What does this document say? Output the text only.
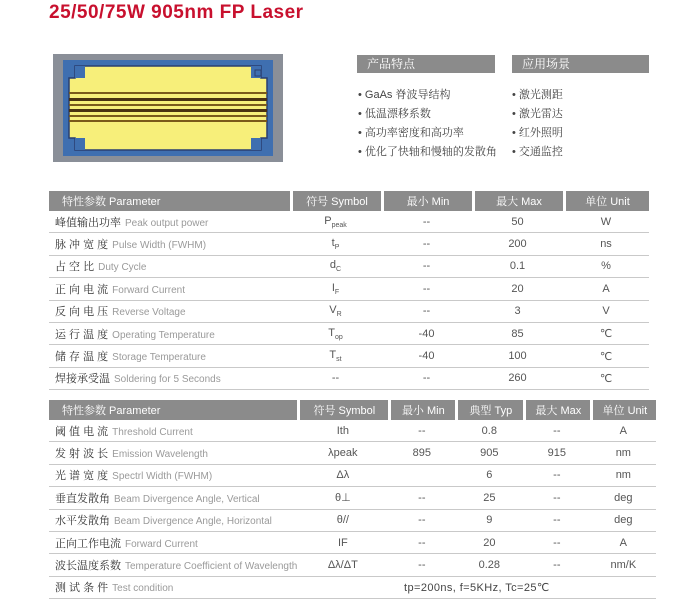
25/50/75W 905nm FP Laser
产品特点	应用场景
• GaAs 脊波导结构
• 低温漂移系数
• 高功率密度和高功率
• 优化了快轴和慢轴的发散角
• 激光测距
• 激光雷达
• 红外照明
• 交通监控
特性参数 Parameter	符号 Symbol	最小 Min	最大 Max	单位 Unit
峰值输出功率 Peak output power	$P_{peak}$	--	50	W
脉 冲 宽 度 Pulse Width (FWHM)	$t_P$	--	200	ns
占 空 比 Duty Cycle	$d_C$	--	0.1	%
正 向 电 流 Forward Current	$I_F$	--	20	A
反 向 电 压 Reverse Voltage	$V_R$	--	3	V
运 行 温 度 Operating Temperature	$T_{op}$	-40	85	℃
储 存 温 度 Storage Temperature	$T_{st}$	-40	100	℃
焊接承受温 Soldering for 5 Seconds	--	--	260	℃
特性参数 Parameter	符号 Symbol	最小 Min	典型 Typ	最大 Max	单位 Unit
阈 值 电 流 Threshold Current	Ith	--	0.8	--	A
发 射 波 长 Emission Wavelength	λpeak	895	905	915	nm
光 谱 宽 度 Spectrl Width (FWHM)	Δλ		6	--	nm
垂直发散角 Beam Divergence Angle, Vertical	θ⊥	--	25	--	deg
水平发散角 Beam Divergence Angle, Horizontal	θ//	--	9	--	deg
正向工作电流 Forward Current	IF	--	20	--	A
波长温度系数 Temperature Coefficient of Wavelength	Δλ/ΔT	--	0.28	--	nm/K
测 试 条 件 Test condition	tp=200ns, f=5KHz, Tc=25℃				
